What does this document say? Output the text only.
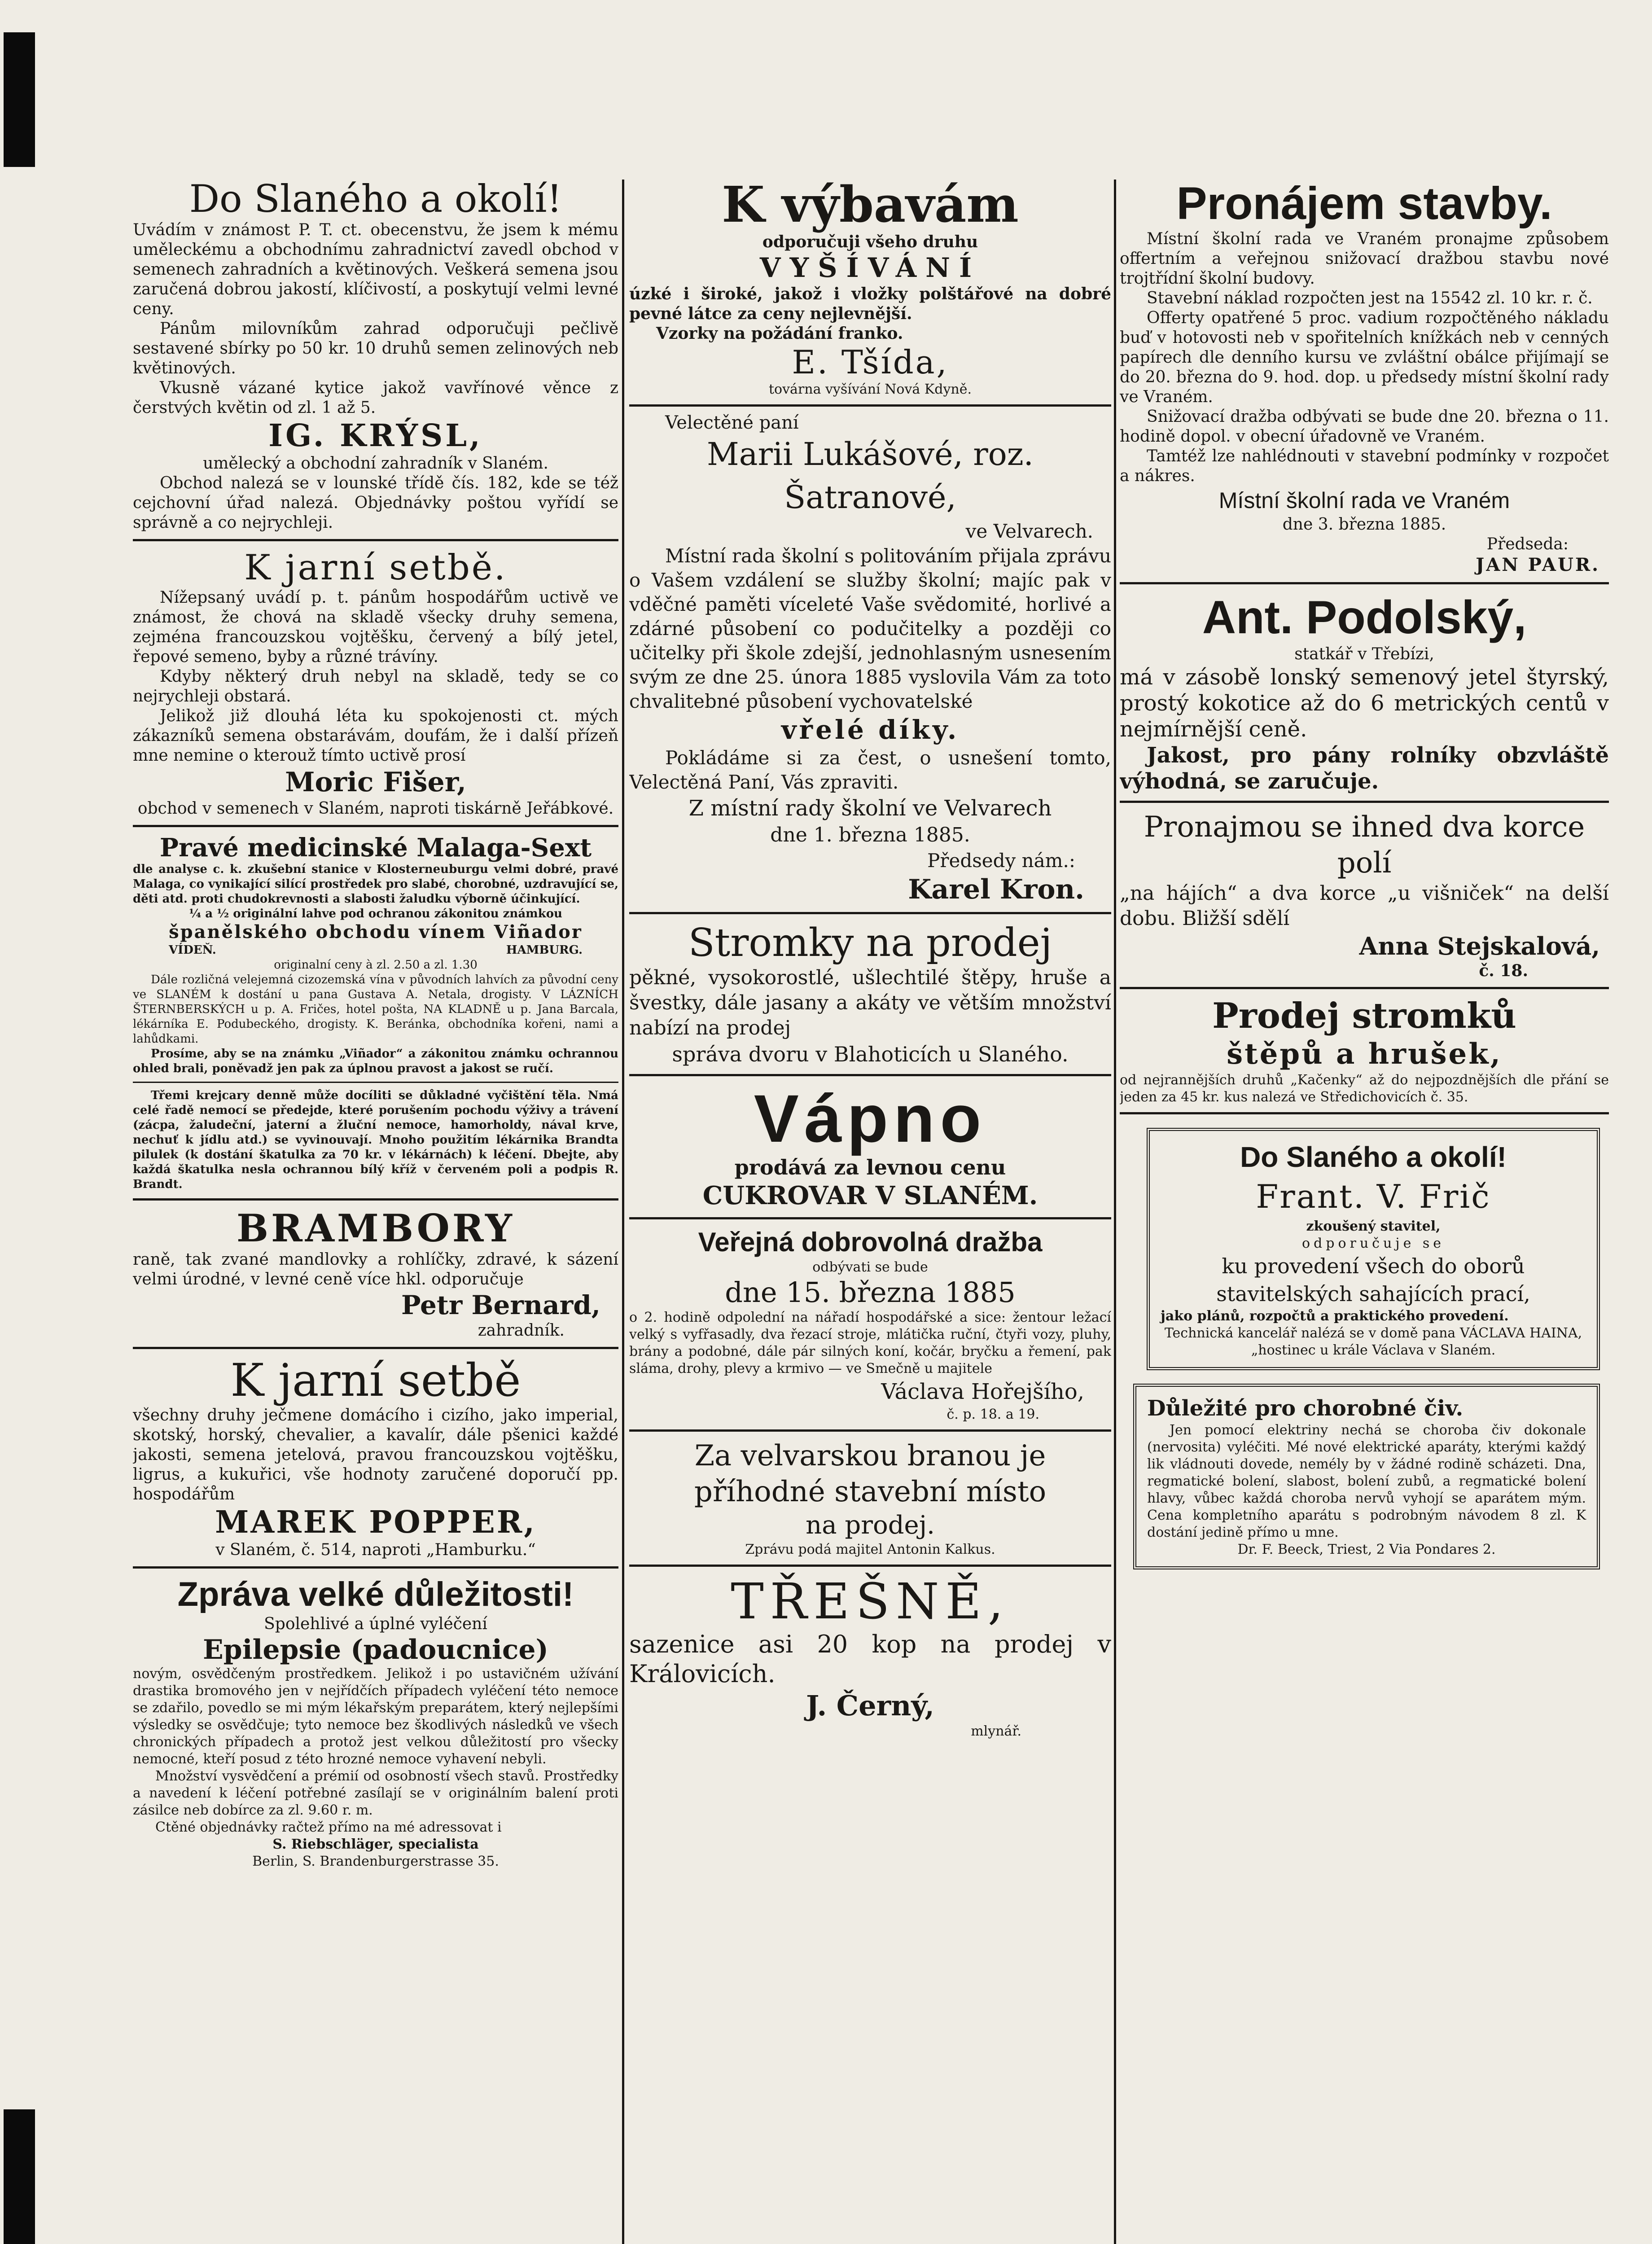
Do Slaného a okolí!

Uvádím v známost P. T. ct. obecenstvu, že jsem k mému uměleckému a obchodnímu zahradnictví zavedl obchod v semenech zahradních a květinových. Veškerá semena jsou zaručená dobrou jakostí, klíčivostí, a poskytují velmi levné ceny.

Pánům milovníkům zahrad odporučuji pečlivě sestavené sbírky po 50 kr. 10 druhů semen zelinových neb květinových.

Vkusně vázané kytice jakož vavřínové věnce z čerstvých květin od zl. 1 až 5.

IG. KRÝSL,

umělecký a obchodní zahradník v Slaném.

Obchod nalezá se v lounské třídě čís. 182, kde se též cejchovní úřad nalezá. Objednávky poštou vyřídí se správně a co nejrychleji.

K jarní setbě.

Nížepsaný uvádí p. t. pánům hospodářům uctivě ve známost, že chová na skladě všecky druhy semena, zejména francouzskou vojtěšku, červený a bílý jetel, řepové semeno, byby a různé trávíny.

Kdyby některý druh nebyl na skladě, tedy se co nejrychleji obstará.

Jelikož již dlouhá léta ku spokojenosti ct. mých zákazníků semena obstarávám, doufám, že i další přízeň mne nemine o kterouž tímto uctivě prosí

Moric Fišer,

obchod v semenech v Slaném, naproti tiskárně Jeřábkové.

Pravé medicinské Malaga-Sext

dle analyse c. k. zkušební stanice v Klosterneuburgu velmi dobré, pravé Malaga, co vynikající silící prostředek pro slabé, chorobné, uzdravující se, děti atd. proti chudokrevnosti a slabosti žaludku výborně účinkující.

¼ a ½ originální lahve pod ochranou zákonitou známkou

španělského obchodu vínem Viñador
VÍDEŇ.	HAMBURG.

originalní ceny à zl. 2.50 a zl. 1.30

Dále rozličná velejemná cizozemská vína v původních lahvích za původní ceny ve SLANÉM k dostání u pana Gustava A. Netala, drogisty. V LÁZNÍCH ŠTERNBERSKÝCH u p. A. Fričes, hotel pošta, NA KLADNĚ u p. Jana Barcala, lékárníka E. Podubeckého, drogisty. K. Beránka, obchodníka kořeni, nami a lahůdkami.

Prosíme, aby se na známku „Viñador“ a zákonitou známku ochrannou ohled brali, poněvadž jen pak za úplnou pravost a jakost se ručí.

Třemi krejcary denně může docíliti se důkladné vyčištění těla. Nmá celé řadě nemocí se předejde, které porušením pochodu výživy a trávení (zácpa, žaludeční, jaterní a žluční nemoce, hamorholdy, nával krve, nechuť k jídlu atd.) se vyvinouvají. Mnoho použitím lékárnika Brandta pilulek (k dostání škatulka za 70 kr. v lékárnách) k léčení. Dbejte, aby každá škatulka nesla ochrannou bílý kříž v červeném poli a podpis R. Brandt.

BRAMBORY

raně, tak zvané mandlovky a rohlíčky, zdravé, k sázení velmi úrodné, v levné ceně více hkl. odporučuje

Petr Bernard,

zahradník.

K jarní setbě

všechny druhy ječmene domácího i cizího, jako imperial, skotský, horský, chevalier, a kavalír, dále pšenici každé jakosti, semena jetelová, pravou francouzskou vojtěšku, ligrus, a kukuřici, vše hodnoty zaručené doporučí pp. hospodářům

MAREK POPPER,

v Slaném, č. 514, naproti „Hamburku.“

Zpráva velké důležitosti!

Spolehlivé a úplné vyléčení

Epilepsie (padoucnice)

novým, osvědčeným prostředkem. Jelikož i po ustavičném užívání drastika bromového jen v nejřídčích případech vyléčení této nemoce se zdařilo, povedlo se mi mým lékařským preparátem, který nejlepšími výsledky se osvědčuje; tyto nemoce bez škodlivých následků ve všech chronických případech a protož jest velkou důležitostí pro všecky nemocné, kteří posud z této hrozné nemoce vyhavení nebyli.

Množství vysvědčení a prémií od osobností všech stavů. Prostředky a navedení k léčení potřebné zasílají se v originálním balení proti zásilce neb dobírce za zl. 9.60 r. m.

Ctěné objednávky račtež přímo na mé adressovat i

S. Riebschläger, specialista

Berlin, S. Brandenburgerstrasse 35.

K výbavám

odporučuji všeho druhu

VYŠÍVÁNÍ

úzké i široké, jakož i vložky polštářové na dobré pevné látce za ceny nejlevnější.

Vzorky na požádání franko.

E. Tšída,

továrna vyšívání Nová Kdyně.

Velectěné paní

Marii Lukášové, roz. Šatranové,

ve Velvarech.

Místní rada školní s politováním přijala zprávu o Vašem vzdálení se služby školní; majíc pak v vděčné paměti víceleté Vaše svědomité, horlivé a zdárné působení co podučitelky a později co učitelky při škole zdejší, jednohlasným usnesením svým ze dne 25. února 1885 vyslovila Vám za toto chvalitebné působení vychovatelské

vřelé díky.

Pokládáme si za čest, o usnešení tomto, Velectěná Paní, Vás zpraviti.

Z místní rady školní ve Velvarech

dne 1. března 1885.

Předsedy nám.:

Karel Kron.
Stromky na prodej

pěkné, vysokorostlé, ušlechtilé štěpy, hruše a švestky, dále jasany a akáty ve větším množství nabízí na prodej

správa dvoru v Blahoticích u Slaného.

Vápno

prodává za levnou cenu

CUKROVAR V SLANÉM.
Veřejná dobrovolná dražba

odbývati se bude

dne 15. března 1885

o 2. hodině odpolední na nářadí hospodářské a sice: žentour ležací velký s vyfřasadly, dva řezací stroje, mlátička ruční, čtyři vozy, pluhy, brány a podobné, dále pár silných koní, kočár, bryčku a řemení, pak sláma, drohy, plevy a krmivo — ve Smečně u majitele

Václava Hořejšího,

č. p. 18. a 19.

Za velvarskou branou je příhodné stavební místo

na prodej.

Zprávu podá majitel Antonin Kalkus.

TŘEŠNĚ,

sazenice asi 20 kop na prodej v Královicích.

J. Černý,

mlynář.

Pronájem stavby.

Místní školní rada ve Vraném pronajme způsobem offertním a veřejnou snižovací dražbou stavbu nové trojtřídní školní budovy.

Stavební náklad rozpočten jest na 15542 zl. 10 kr. r. č.

Offerty opatřené 5 proc. vadium rozpočtěného nákladu buď v hotovosti neb v spořitelních knížkách neb v cenných papírech dle denního kursu ve zvláštní obálce přijímají se do 20. března do 9. hod. dop. u předsedy místní školní rady ve Vraném.

Snižovací dražba odbývati se bude dne 20. března o 11. hodině dopol. v obecní úřadovně ve Vraném.

Tamtéž lze nahlédnouti v stavební podmínky v rozpočet a nákres.

Místní školní rada ve Vraném

dne 3. března 1885.

Předseda:

JAN PAUR.

Ant. Podolský,

statkář v Třebízi,

má v zásobě lonský semenový jetel štyrský, prostý kokotice až do 6 metrických centů v nejmírnější ceně.

Jakost, pro pány rolníky obzvláště výhodná, se zaručuje.

Pronajmou se ihned dva korce polí

„na hájích“ a dva korce „u višniček“ na delší dobu. Bližší sdělí

Anna Stejskalová,

č. 18.

Prodej stromků
štěpů a hrušek,

od nejrannějších druhů „Kačenky“ až do nejpozdnějších dle přání se jeden za 45 kr. kus nalezá ve Středichovicích č. 35.

Do Slaného a okolí!
Frant. V. Frič

zkoušený stavitel,

odporučuje se

ku provedení všech do oborů stavitelských sahajících prací,

jako plánů, rozpočtů a praktického provedení.

Technická kancelář nalézá se v domě pana VÁCLAVA HAINA, „hostinec u krále Václava v Slaném.

Důležité pro chorobné čiv.

Jen pomocí elektriny nechá se choroba čiv dokonale (nervosita) vyléčiti. Mé nové elektrické aparáty, kterými každý lik vládnouti dovede, nemély by v žádné rodině scházeti. Dna, regmatické bolení, slabost, bolení zubů, a regmatické bolení hlavy, vůbec každá choroba nervů vyhojí se aparátem mým. Cena kompletního aparátu s podrobným návodem 8 zl. K dostání jedině přímo u mne.

Dr. F. Beeck, Triest, 2 Via Pondares 2.
